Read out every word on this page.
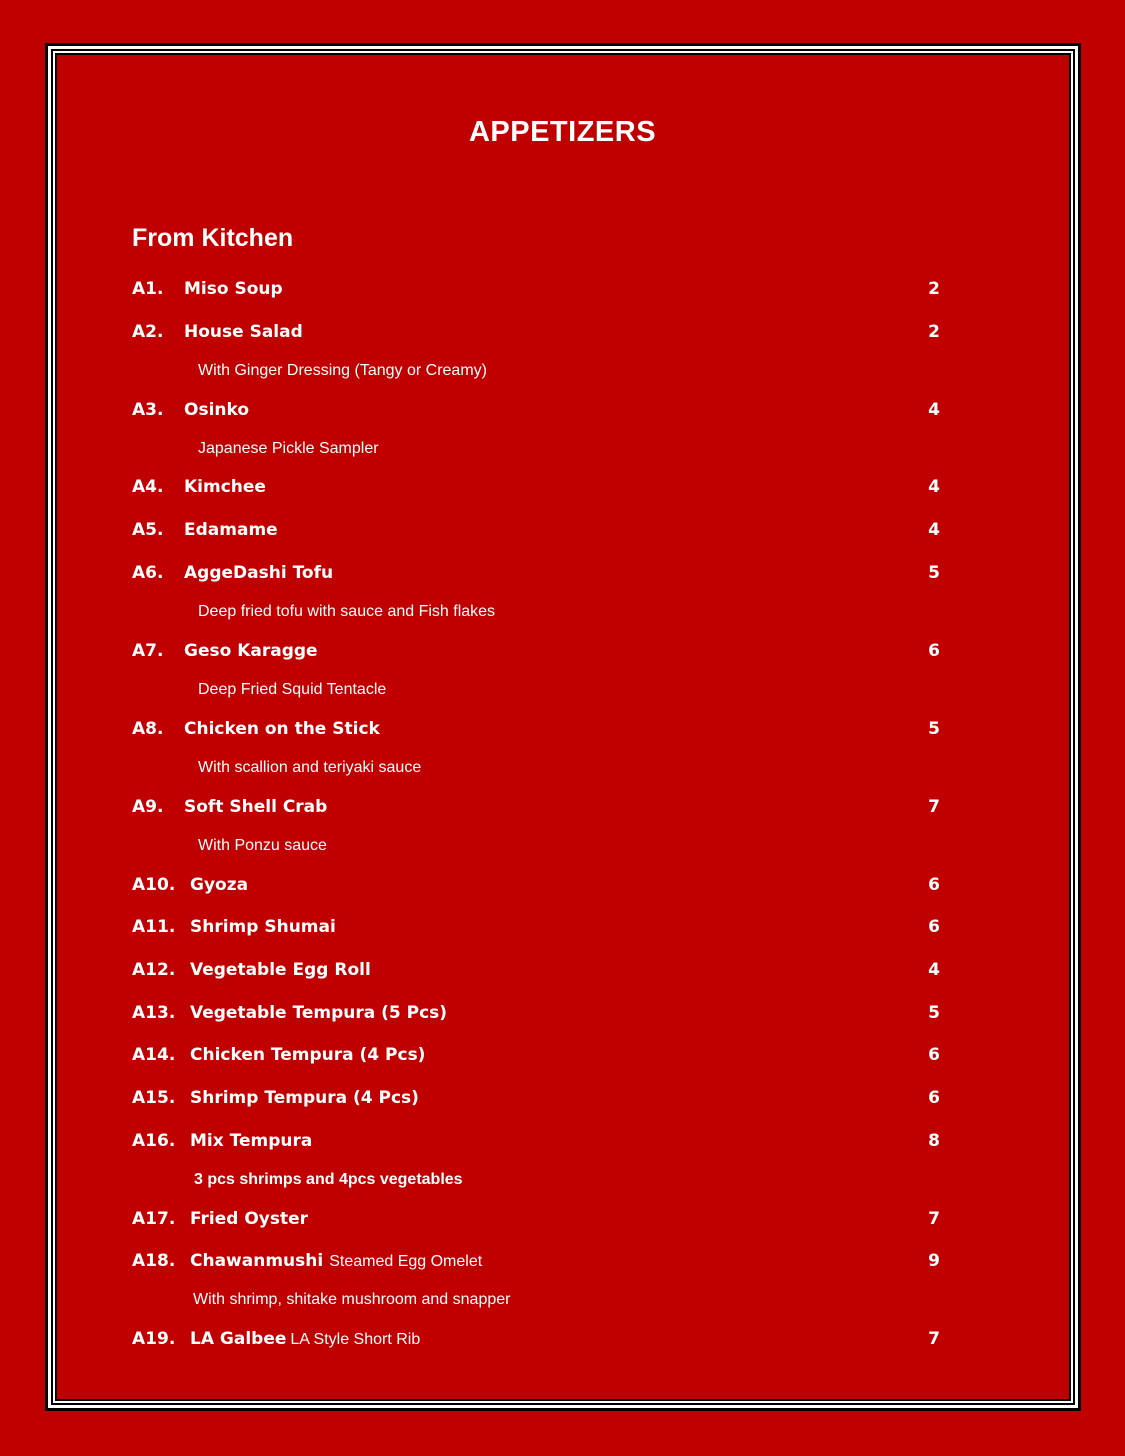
APPETIZERS
From Kitchen
A1. Miso Soup	2
A2. House Salad	2
With Ginger Dressing (Tangy or Creamy)
A3. Osinko	4
Japanese Pickle Sampler
A4. Kimchee	4
A5. Edamame	4
A6. AggeDashi Tofu	5
Deep fried tofu with sauce and Fish flakes
A7. Geso Karagge	6
Deep Fried Squid Tentacle
A8. Chicken on the Stick	5
With scallion and teriyaki sauce
A9. Soft Shell Crab	7
With Ponzu sauce
A10. Gyoza	6
A11. Shrimp Shumai	6
A12. Vegetable Egg Roll	4
A13. Vegetable Tempura (5 Pcs)	5
A14. Chicken Tempura (4 Pcs)	6
A15. Shrimp Tempura (4 Pcs)	6
A16. Mix Tempura	8
3 pcs shrimps and 4pcs vegetables
A17. Fried Oyster	7
A18. Chawanmushi Steamed Egg Omelet	9
With shrimp, shitake mushroom and snapper
A19. LA Galbee LA Style Short Rib	7
